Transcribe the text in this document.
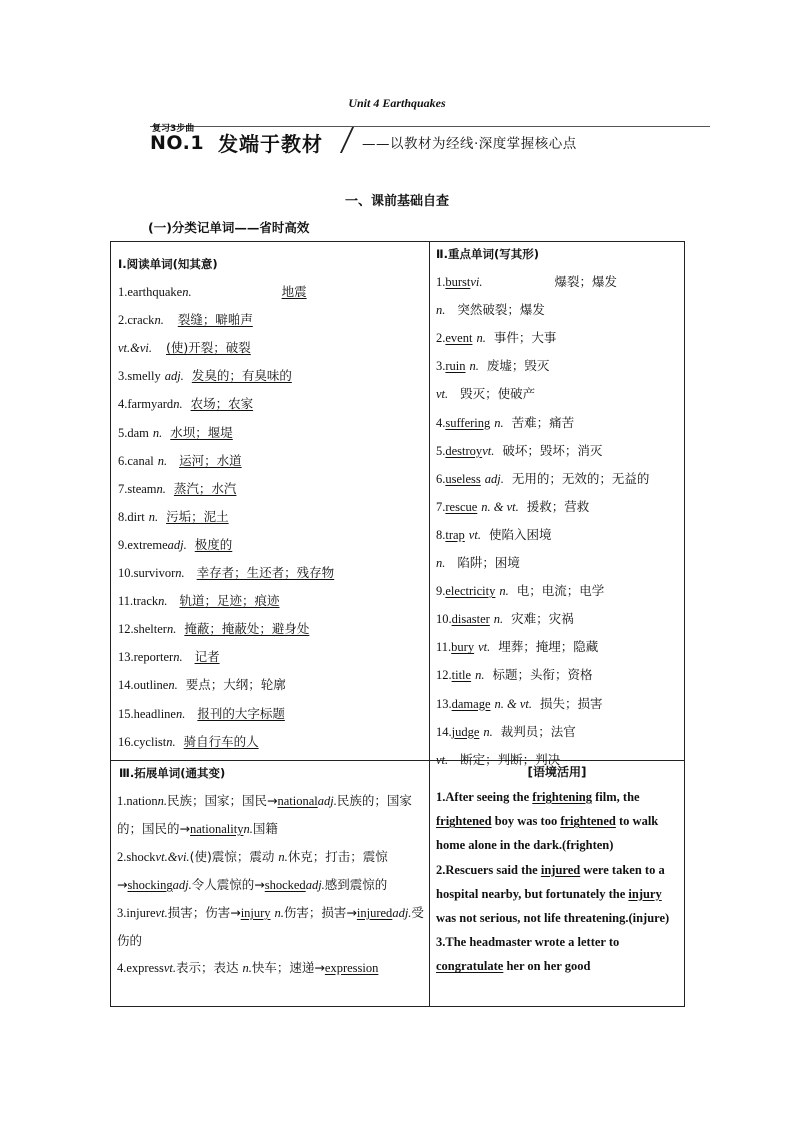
Unit 4 Earthquakes
复习3步曲
NO.1 发端于教材	——以教材为经线·深度掌握核心点
一、课前基础自查
(一)分类记单词——省时高效
Ⅰ.阅读单词(知其意)
1.earthquaken.	地震
2.crackn. 裂缝；噼啪声
vt.&vi. (使)开裂；破裂
3.smelly adj. 发臭的；有臭味的
4.farmyardn. 农场；农家
5.dam n. 水坝；堰堤
6.canal n. 运河；水道
7.steamn. 蒸汽；水汽
8.dirt n. 污垢；泥土
9.extremeadj. 极度的
10.survivorn. 幸存者；生还者；残存物
11.trackn. 轨道；足迹；痕迹
12.sheltern. 掩蔽；掩蔽处；避身处
13.reportern. 记者
14.outlinen. 要点；大纲；轮廓
15.headlinen. 报刊的大字标题
16.cyclistn. 骑自行车的人
Ⅱ.重点单词(写其形)
1.burstvi.	爆裂；爆发
n. 突然破裂；爆发
2.event n. 事件；大事
3.ruin n. 废墟；毁灭
vt. 毁灭；使破产
4.suffering n. 苦难；痛苦
5.destroyvt. 破坏；毁坏；消灭
6.useless adj. 无用的；无效的；无益的
7.rescue n. & vt. 援救；营救
8.trap vt. 使陷入困境
n. 陷阱；困境
9.electricity n. 电；电流；电学
10.disaster n. 灾难；灾祸
11.bury vt. 埋葬；掩埋；隐藏
12.title n. 标题；头衔；资格
13.damage n. & vt. 损失；损害
14.judge n. 裁判员；法官
vt. 断定；判断；判决
Ⅲ.拓展单词(通其变)
1.nationn.民族；国家；国民→nationaladj.民族的；国家的；国民的→nationalityn.国籍
2.shockvt.&vi.(使)震惊；震动 n.休克；打击；震惊→shockingadj.令人震惊的→shockedadj.感到震惊的
3.injurevt.损害；伤害→injury n.伤害；损害→injuredadj.受伤的
4.expressvt.表示；表达 n.快车；速递→expression
[语境活用]
1.After seeing the frightening film, the frightened boy was too frightened to walk home alone in the dark.(frighten)
2.Rescuers said the injured were taken to a hospital nearby, but fortunately the injury was not serious, not life threatening.(injure)
3.The headmaster wrote a letter to congratulate her on her good
